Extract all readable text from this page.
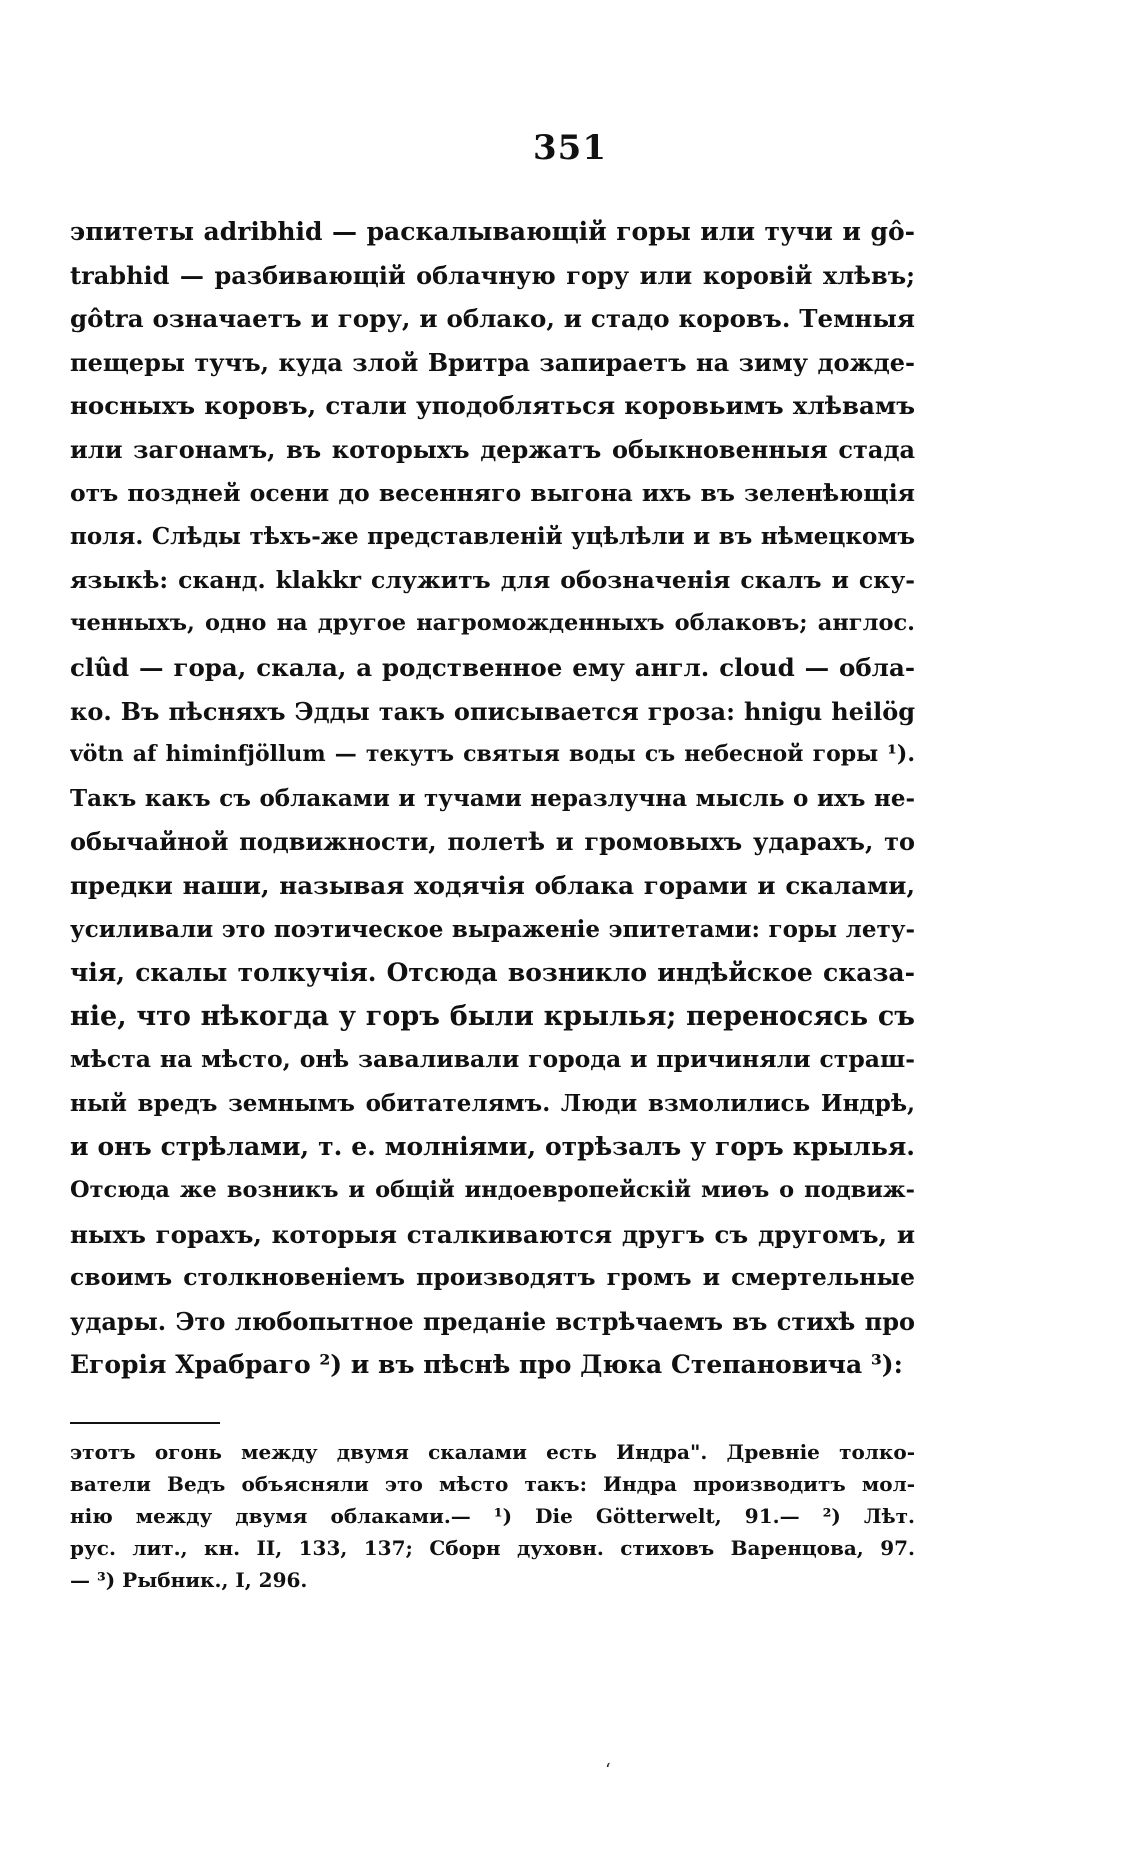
351
эпитеты adribhid — раскалывающій горы или тучи и gô-
trabhid — разбивающій облачную гору или коровій хлѣвъ;
gôtra означаетъ и гору, и облако, и стадо коровъ. Темныя
пещеры тучъ, куда злой Вритра запираетъ на зиму дожде-
носныхъ коровъ, стали уподобляться коровьимъ хлѣвамъ
или загонамъ, въ которыхъ держатъ обыкновенныя стада
отъ поздней осени до весенняго выгона ихъ въ зеленѣющія
поля. Слѣды тѣхъ-же представленій уцѣлѣли и въ нѣмецкомъ
языкѣ: сканд. klakkr служитъ для обозначенія скалъ и ску-
ченныхъ, одно на другое нагроможденныхъ облаковъ; англос.
clûd — гора, скала, а родственное ему англ. cloud — обла-
ко. Въ пѣсняхъ Эдды такъ описывается гроза: hnigu heilög
vötn af himinfjöllum — текутъ святыя воды съ небесной горы ¹).
Такъ какъ съ облаками и тучами неразлучна мысль о ихъ не-
обычайной подвижности, полетѣ и громовыхъ ударахъ, то
предки наши, называя ходячія облака горами и скалами,
усиливали это поэтическое выраженіе эпитетами: горы лету-
чія, скалы толкучія. Отсюда возникло индѣйское сказа-
ніе, что нѣкогда у горъ были крылья; переносясь съ
мѣста на мѣсто, онѣ заваливали города и причиняли страш-
ный вредъ земнымъ обитателямъ. Люди взмолились Индрѣ,
и онъ стрѣлами, т. е. молніями, отрѣзалъ у горъ крылья.
Отсюда же возникъ и общій индоевропейскій миѳъ о подвиж-
ныхъ горахъ, которыя сталкиваются другъ съ другомъ, и
своимъ столкновеніемъ производятъ громъ и смертельные
удары. Это любопытное преданіе встрѣчаемъ въ стихѣ про
Егорія Храбраго ²) и въ пѣснѣ про Дюка Степановича ³):
этотъ огонь между двумя скалами есть Индра". Древніе толко-
ватели Ведъ объясняли это мѣсто такъ: Индра производитъ мол-
нію между двумя облаками.— ¹) Die Götterwelt, 91.— ²) Лѣт.
рус. лит., кн. II, 133, 137; Сборн духовн. стиховъ Варенцова, 97.
— ³) Рыбник., I, 296.
ʻ
